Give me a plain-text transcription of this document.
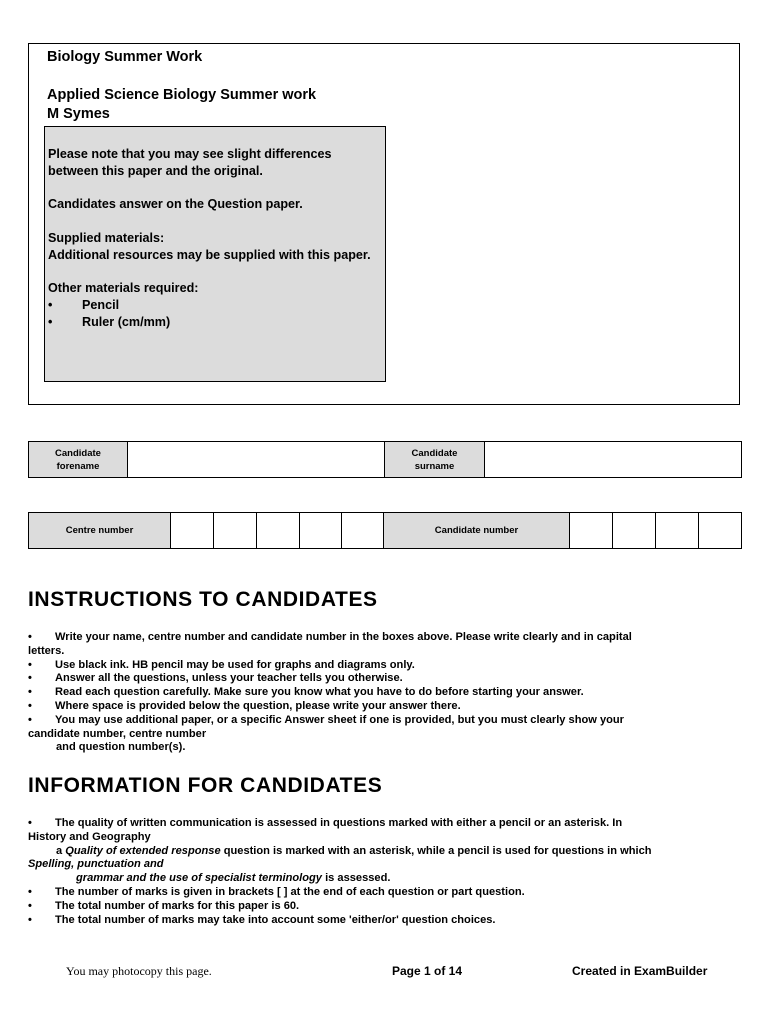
Biology Summer Work
Applied Science Biology Summer work
M Symes

Please note that you may see slight differences between this paper and the original.

Candidates answer on the Question paper.

Supplied materials:

Additional resources may be supplied with this paper.

Other materials required:
•	Pencil
•	Ruler (cm/mm)
Candidate forename		Candidate surname	
Centre number						Candidate number				
INSTRUCTIONS TO CANDIDATES
• Write your name, centre number and candidate number in the boxes above. Please write clearly and in capital
letters.
• Use black ink. HB pencil may be used for graphs and diagrams only.
• Answer all the questions, unless your teacher tells you otherwise.
• Read each question carefully. Make sure you know what you have to do before starting your answer.
• Where space is provided below the question, please write your answer there.
• You may use additional paper, or a specific Answer sheet if one is provided, but you must clearly show your
candidate number, centre number
and question number(s).
INFORMATION FOR CANDIDATES
• The quality of written communication is assessed in questions marked with either a pencil or an asterisk. In
History and Geography
a Quality of extended response question is marked with an asterisk, while a pencil is used for questions in which
Spelling, punctuation and
grammar and the use of specialist terminology is assessed.
• The number of marks is given in brackets [ ] at the end of each question or part question.
• The total number of marks for this paper is 60.
• The total number of marks may take into account some 'either/or' question choices.
You may photocopy this page.	Page 1 of 14	Created in ExamBuilder
